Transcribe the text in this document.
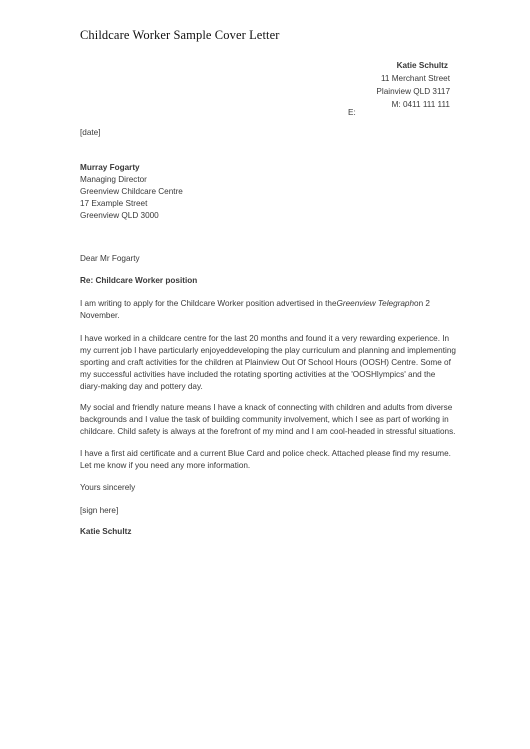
Childcare Worker Sample Cover Letter
Katie Schultz
11 Merchant Street
Plainview QLD 3117
M: 0411 111 111
E:
[date]
Murray Fogarty
Managing Director
Greenview Childcare Centre
17 Example Street
Greenview QLD 3000
Dear Mr Fogarty
Re: Childcare Worker position

I am writing to apply for the Childcare Worker position advertised in theGreenview Telegraphon 2 November.

I have worked in a childcare centre for the last 20 months and found it a very rewarding experience. In my current job I have particularly enjoyeddeveloping the play curriculum and planning and implementing sporting and craft activities for the children at Plainview Out Of School Hours (OOSH) Centre. Some of my successful activities have included the rotating sporting activities at the 'OOSHlympics' and the diary-making day and pottery day.

My social and friendly nature means I have a knack of connecting with children and adults from diverse backgrounds and I value the task of building community involvement, which I see as part of working in childcare. Child safety is always at the forefront of my mind and I am cool-headed in stressful situations.

I have a first aid certificate and a current Blue Card and police check. Attached please find my resume. Let me know if you need any more information.

Yours sincerely
[sign here]
Katie Schultz
